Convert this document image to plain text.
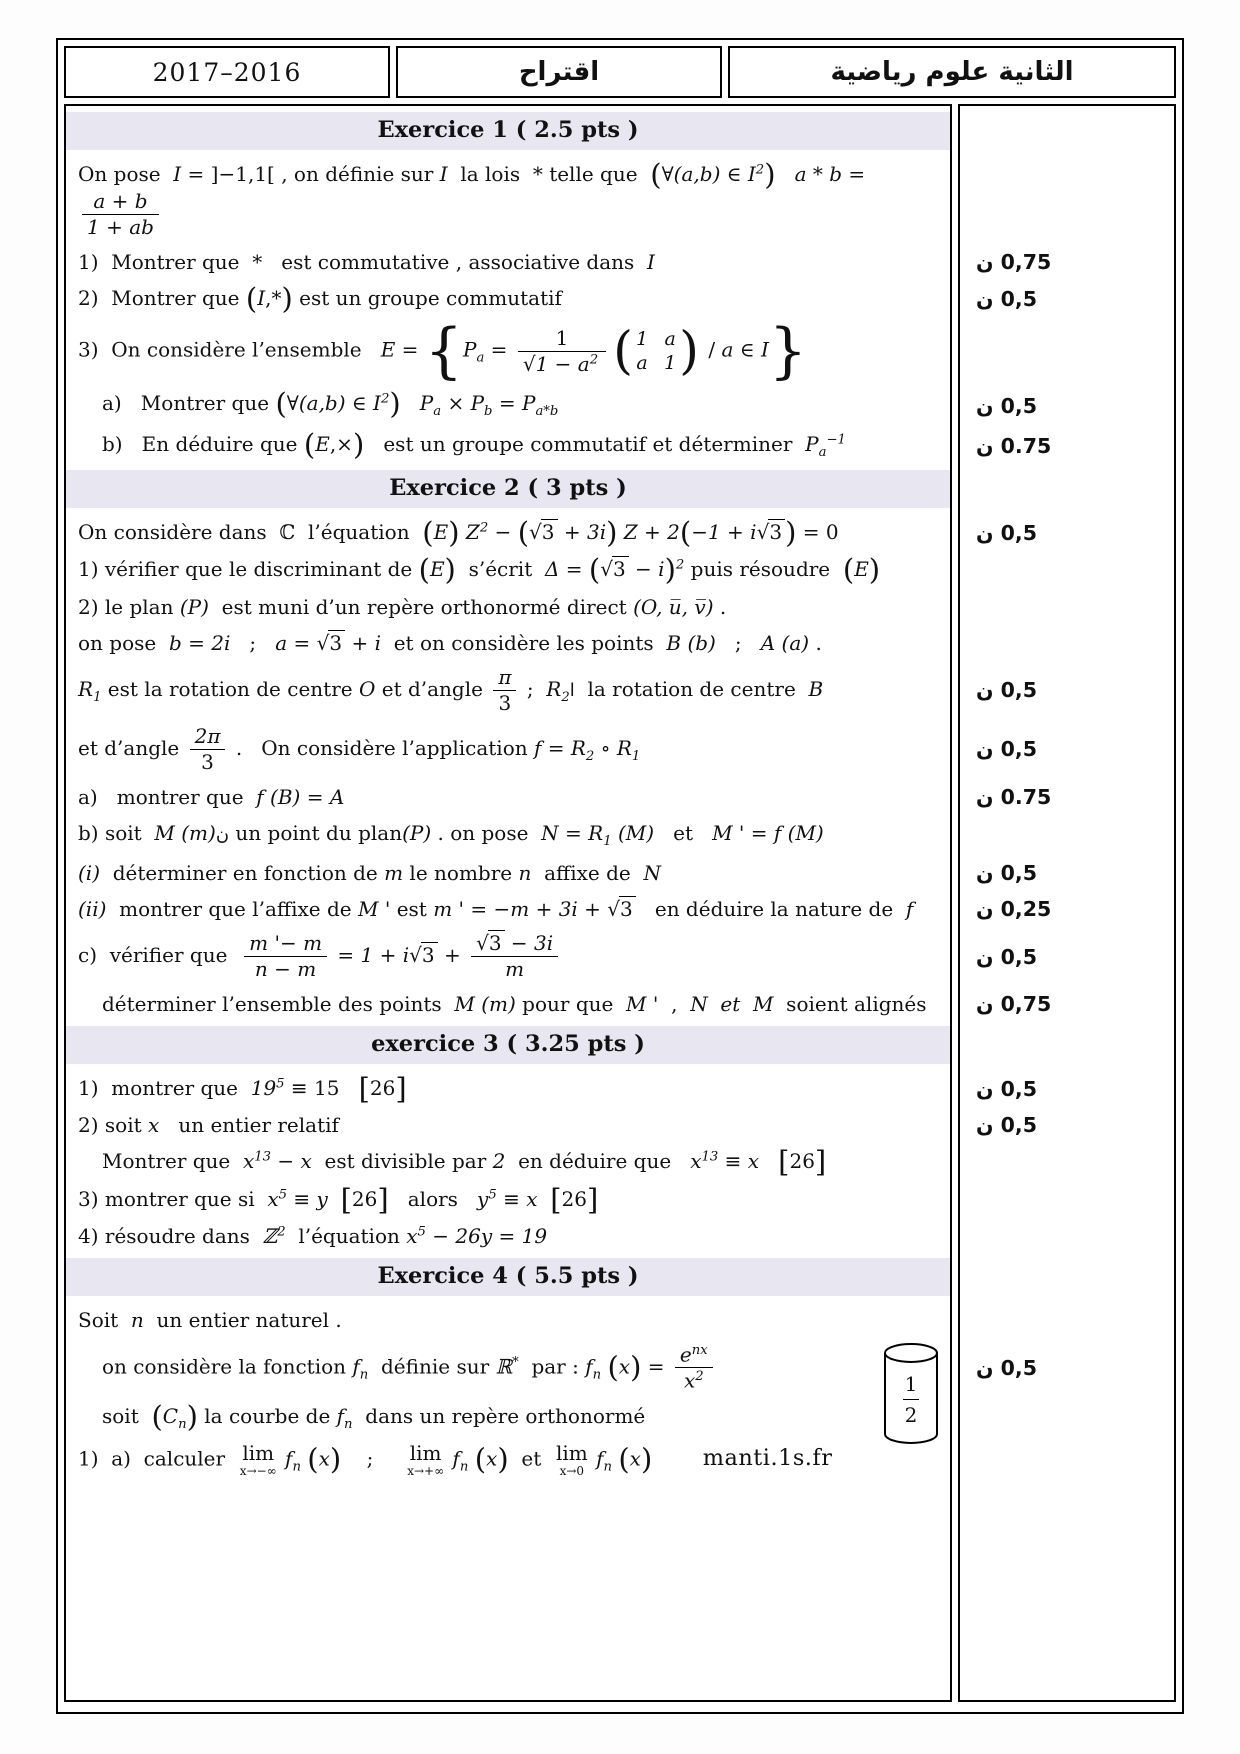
2017–2016	اقتراح	الثانية علوم رياضية
Exercice 1 ( 2.5 pts )
On pose  I = ]−1,1[ , on définie sur I  la lois  * telle que  (∀(a,b) ∈ $I^2$) a * b =
$\frac{a + b}{1 + ab}$
1)  Montrer que  *   est commutative , associative dans  I
2)  Montrer que (I,*) est un groupe commutatif
3)  On considère l’ensemble   $E = \{P_a = \frac{1}{√1 - a^2}$ ( 1 a
a 1 ) / a ∈ I}
a)   Montrer que (∀(a,b) ∈ $I^2$) $P_a \times P_b = P_{a*b}$
b)   En déduire que (E,×)   est un groupe commutatif et déterminer  $P_a^{-1}$
Exercice 2 ( 3 pts )
On considère dans  ℂ  l’équation  (E) $Z^2 - (√3 + 3i) Z + 2(-1 + i√3$ ) = 0
1) vérifier que le discriminant de (E)  s’écrit  $\Delta = (√3 - i)^2$ puis résoudre  (E)
2) le plan (P)  est muni d’un repère orthonormé direct (O, u̅, v̅) .
on pose  b = 2i   ;   a = √3 + i  et on considère les points  B (b)   ;   A (a) .
$R_1$ est la rotation de centre O et d’angle $\frac{\pi}{3}$ ;  $R_2ا$  la rotation de centre  B
et d’angle $\frac{2\pi}{3}$ .   On considère l’application $f = R_2$ ∘ $R_1$
a)   montrer que  f (B) = A
b) soit  M (m)ن un point du plan(P) . on pose  $N = R_1$ (M)   et   M ' = f (M)
(i)  déterminer en fonction de m le nombre n  affixe de  N
(ii)  montrer que l’affixe de M ' est m ' = −m + 3i + √3   en déduire la nature de  f
c)  vérifier que $\frac{m '- m}{n - m} = 1 + i√3 + \frac{√3 - 3i}{m}$
déterminer l’ensemble des points  M (m) pour que  M '  ,  N  et  M  soient alignés
exercice 3 ( 3.25 pts )
1)  montrer que  $19^5 \equiv 15$   [26]
2) soit x   un entier relatif
Montrer que  $x^{13} - x$  est divisible par 2  en déduire que   $x^{13} \equiv x$ [26]
3) montrer que si  $x^5 \equiv y$ [26]   alors   $y^5 \equiv x$ [26]
4) résoudre dans  ℤ$^2$  l’équation $x^5 - 26y = 19$
Exercice 4 ( 5.5 pts )
Soit  n  un entier naturel .
on considère la fonction $f_n$  définie sur ℝ*  par : $f_n$ $(x) = \frac{e^{nx}}{x^2}$
soit  $(C_n)$ la courbe de $f_n$  dans un repère orthonormé
1)  a)  calculer lim
x→−∞
$f_n$ (x)    ; lim
x→+∞
$f_n$ (x)  et lim
x→0
$f_n$ (x) manti.1s.fr
0,75 ن
0,5 ن
0,5 ن
0.75 ن
0,5 ن
0,5 ن
0,5 ن
0.75 ن
0,5 ن
0,25 ن
0,5 ن
0,75 ن
0,5 ن
0,5 ن
0,5 ن
1
2
